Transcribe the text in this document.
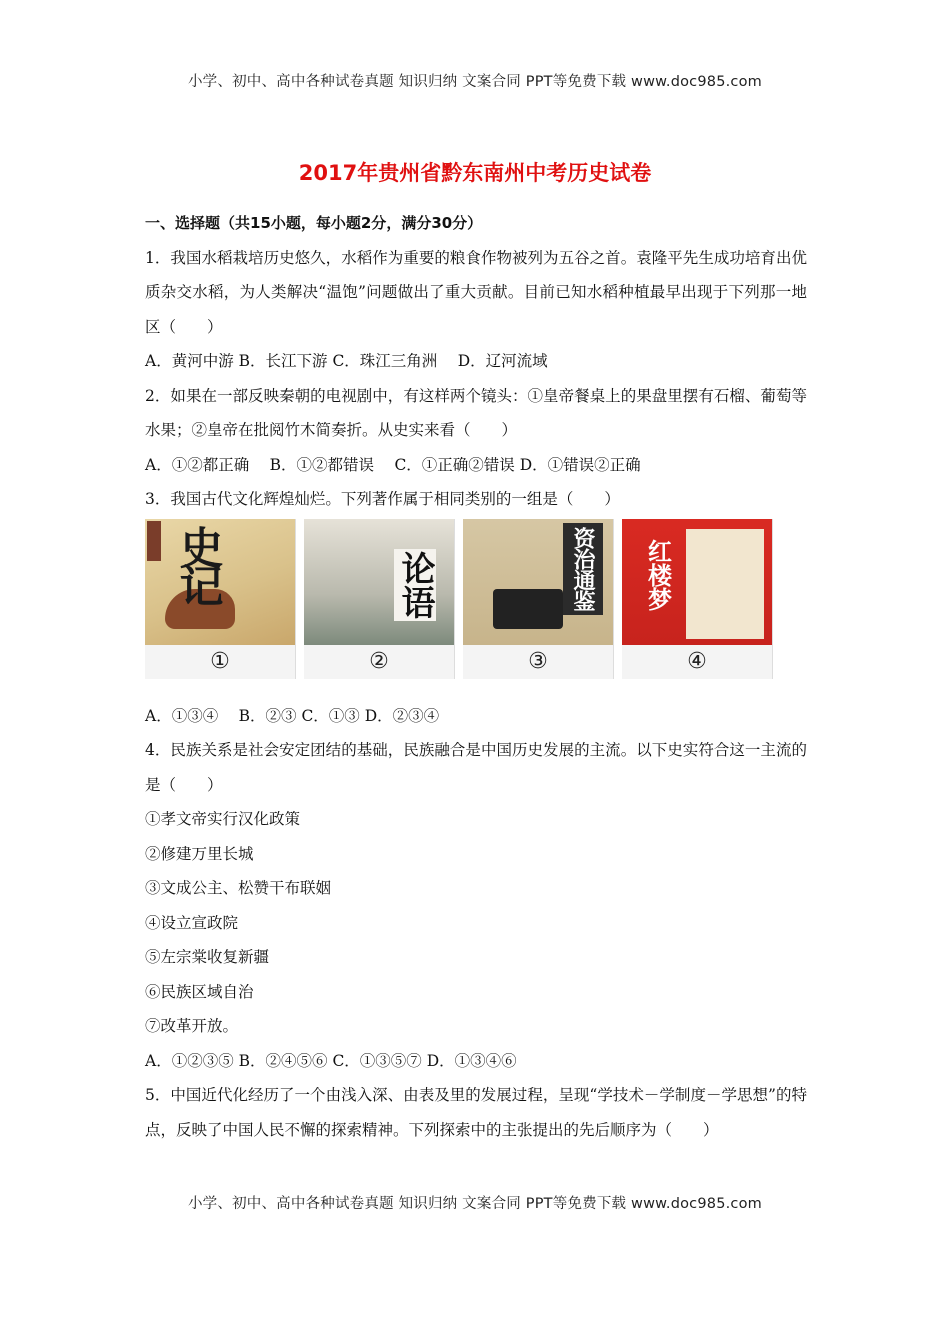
小学、初中、高中各种试卷真题 知识归纳 文案合同 PPT等免费下载 www.doc985.com
2017年贵州省黔东南州中考历史试卷

一、选择题（共15小题，每小题2分，满分30分）

1．我国水稻栽培历史悠久，水稻作为重要的粮食作物被列为五谷之首。袁隆平先生成功培育出优质杂交水稻，为人类解决“温饱”问题做出了重大贡献。目前已知水稻种植最早出现于下列那一地区（　　）

A．黄河中游 B．长江下游 C．珠江三角洲　 D．辽河流域

2．如果在一部反映秦朝的电视剧中，有这样两个镜头：①皇帝餐桌上的果盘里摆有石榴、葡萄等水果；②皇帝在批阅竹木简奏折。从史实来看（　　）

A．①②都正确　 B．①②都错误　 C．①正确②错误 D．①错误②正确

3．我国古代文化辉煌灿烂。下列著作属于相同类别的一组是（　　）

史记
①
论语
②
资治通鉴
③
红楼梦
④

A．①③④　 B．②③ C．①③ D．②③④

4．民族关系是社会安定团结的基础，民族融合是中国历史发展的主流。以下史实符合这一主流的是（　　）

①孝文帝实行汉化政策

②修建万里长城

③文成公主、松赞干布联姻

④设立宣政院

⑤左宗棠收复新疆

⑥民族区域自治

⑦改革开放。

A．①②③⑤ B．②④⑤⑥ C．①③⑤⑦ D．①③④⑥

5．中国近代化经历了一个由浅入深、由表及里的发展过程，呈现“学技术－学制度－学思想”的特点，反映了中国人民不懈的探索精神。下列探索中的主张提出的先后顺序为（　　）

小学、初中、高中各种试卷真题 知识归纳 文案合同 PPT等免费下载 www.doc985.com
